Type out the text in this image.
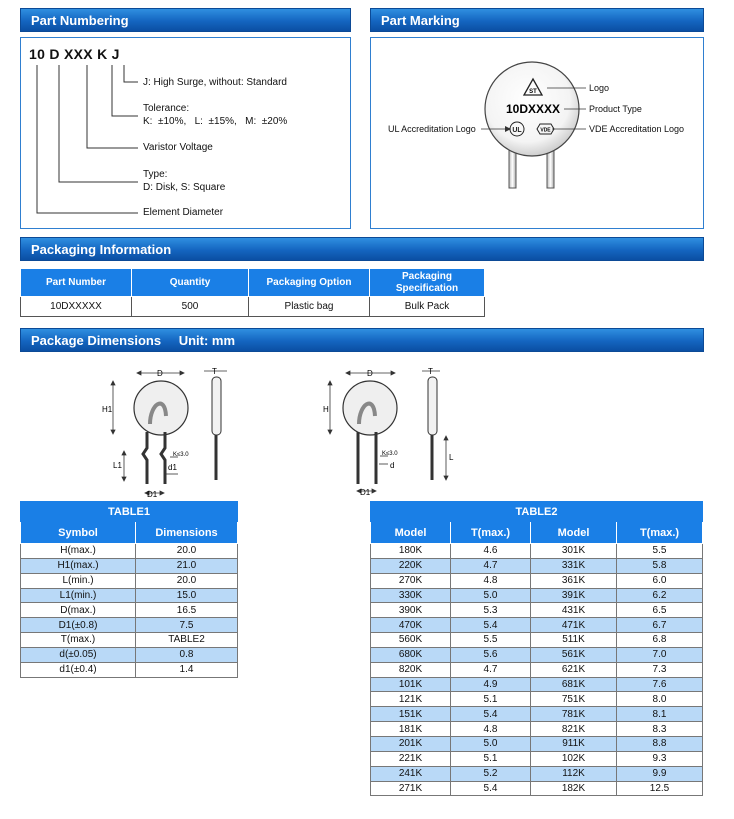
Part Numbering
10 D XXX K J
J: High Surge, without: Standard
Tolerance:
K:  ±10%,   L:  ±15%,   M:  ±20%
Varistor Voltage
Type:
D: Disk, S: Square
Element Diameter
Part Marking
ST
10DXXXX
UL	VDE
Logo
Product Type
UL Accreditation Logo	VDE Accreditation Logo
Packaging Information
Part Number	Quantity	Packaging Option	Packaging Specification
10DXXXXX	500	Plastic bag	Bulk Pack
Package Dimensions Unit: mm
D	T
H1
L1	d1
K≤3.0
D1
D	T
H
d
K≤3.0
D1
L
TABLE1	
Symbol	Dimensions
H(max.)	20.0
H1(max.)	21.0
L(min.)	20.0
L1(min.)	15.0
D(max.)	16.5
D1(±0.8)	7.5
T(max.)	TABLE2
d(±0.05)	0.8
d1(±0.4)	1.4
TABLE2			
Model	T(max.)	Model	T(max.)
180K	4.6	301K	5.5
220K	4.7	331K	5.8
270K	4.8	361K	6.0
330K	5.0	391K	6.2
390K	5.3	431K	6.5
470K	5.4	471K	6.7
560K	5.5	511K	6.8
680K	5.6	561K	7.0
820K	4.7	621K	7.3
101K	4.9	681K	7.6
121K	5.1	751K	8.0
151K	5.4	781K	8.1
181K	4.8	821K	8.3
201K	5.0	911K	8.8
221K	5.1	102K	9.3
241K	5.2	112K	9.9
271K	5.4	182K	12.5
